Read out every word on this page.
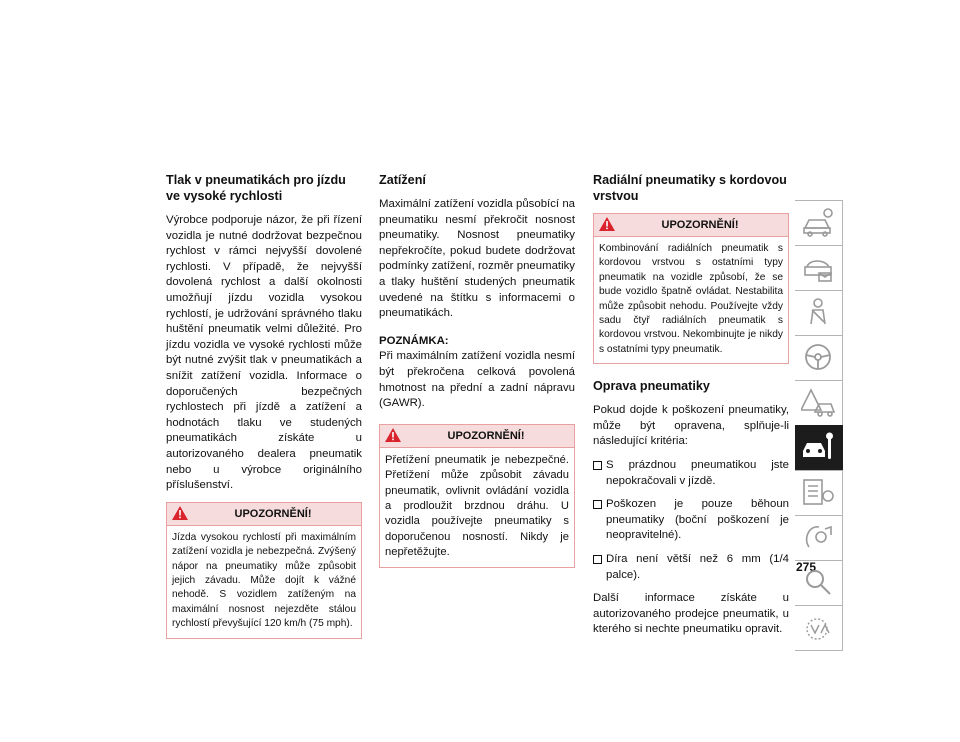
Tlak v pneumatikách pro jízdu ve vysoké rychlosti

Výrobce podporuje názor, že při řízení vozidla je nutné dodržovat bezpečnou rychlost v rámci nejvyšší dovolené rychlosti. V případě, že nejvyšší dovolená rychlost a další okolnosti umožňují jízdu vozidla vysokou rychlostí, je udržování správného tlaku huštění pneumatik velmi důležité. Pro jízdu vozidla ve vysoké rychlosti může být nutné zvýšit tlak v pneumatikách a snížit zatížení vozidla. Informace o doporučených bezpečných rychlostech při jízdě a zatížení a hodnotách tlaku ve studených pneumatikách získáte u autorizovaného dealera pneumatik nebo u výrobce originálního příslušenství.

UPOZORNĚNÍ!
Jízda vysokou rychlostí při maximálním zatížení vozidla je nebezpečná. Zvýšený nápor na pneumatiky může způsobit jejich závadu. Může dojít k vážné nehodě. S vozidlem zatíženým na maximální nosnost nejezděte stálou rychlostí převyšující 120 km/h (75 mph).
Zatížení

Maximální zatížení vozidla působící na pneumatiku nesmí překročit nosnost pneumatiky. Nosnost pneumatiky nepřekročíte, pokud budete dodržovat podmínky zatížení, rozměr pneumatiky a tlaky huštění studených pneumatik uvedené na štítku s informacemi o pneumatikách.

POZNÁMKA:
Při maximálním zatížení vozidla nesmí být překročena celková povolená hmotnost na přední a zadní nápravu (GAWR).

UPOZORNĚNÍ!
Přetížení pneumatik je nebezpečné. Přetížení může způsobit závadu pneumatik, ovlivnit ovládání vozidla a prodloužit brzdnou dráhu. U vozidla používejte pneumatiky s doporučenou nosností. Nikdy je nepřetěžujte.
Radiální pneumatiky s kordovou vrstvou
UPOZORNĚNÍ!
Kombinování radiálních pneumatik s kordovou vrstvou s ostatními typy pneumatik na vozidle způsobí, že se bude vozidlo špatně ovládat. Nestabilita může způsobit nehodu. Používejte vždy sadu čtyř radiálních pneumatik s kordovou vrstvou. Nekombinujte je nikdy s ostatními typy pneumatik.
Oprava pneumatiky

Pokud dojde k poškození pneumatiky, může být opravena, splňuje-li následující kritéria:

S prázdnou pneumatikou jste nepokračovali v jízdě.
Poškozen je pouze běhoun pneumatiky (boční poškození je neopravitelné).
Díra není větší než 6 mm (1/4 palce).

Další informace získáte u autorizovaného prodejce pneumatik, u kterého si nechte pneumatiku opravit.

275
